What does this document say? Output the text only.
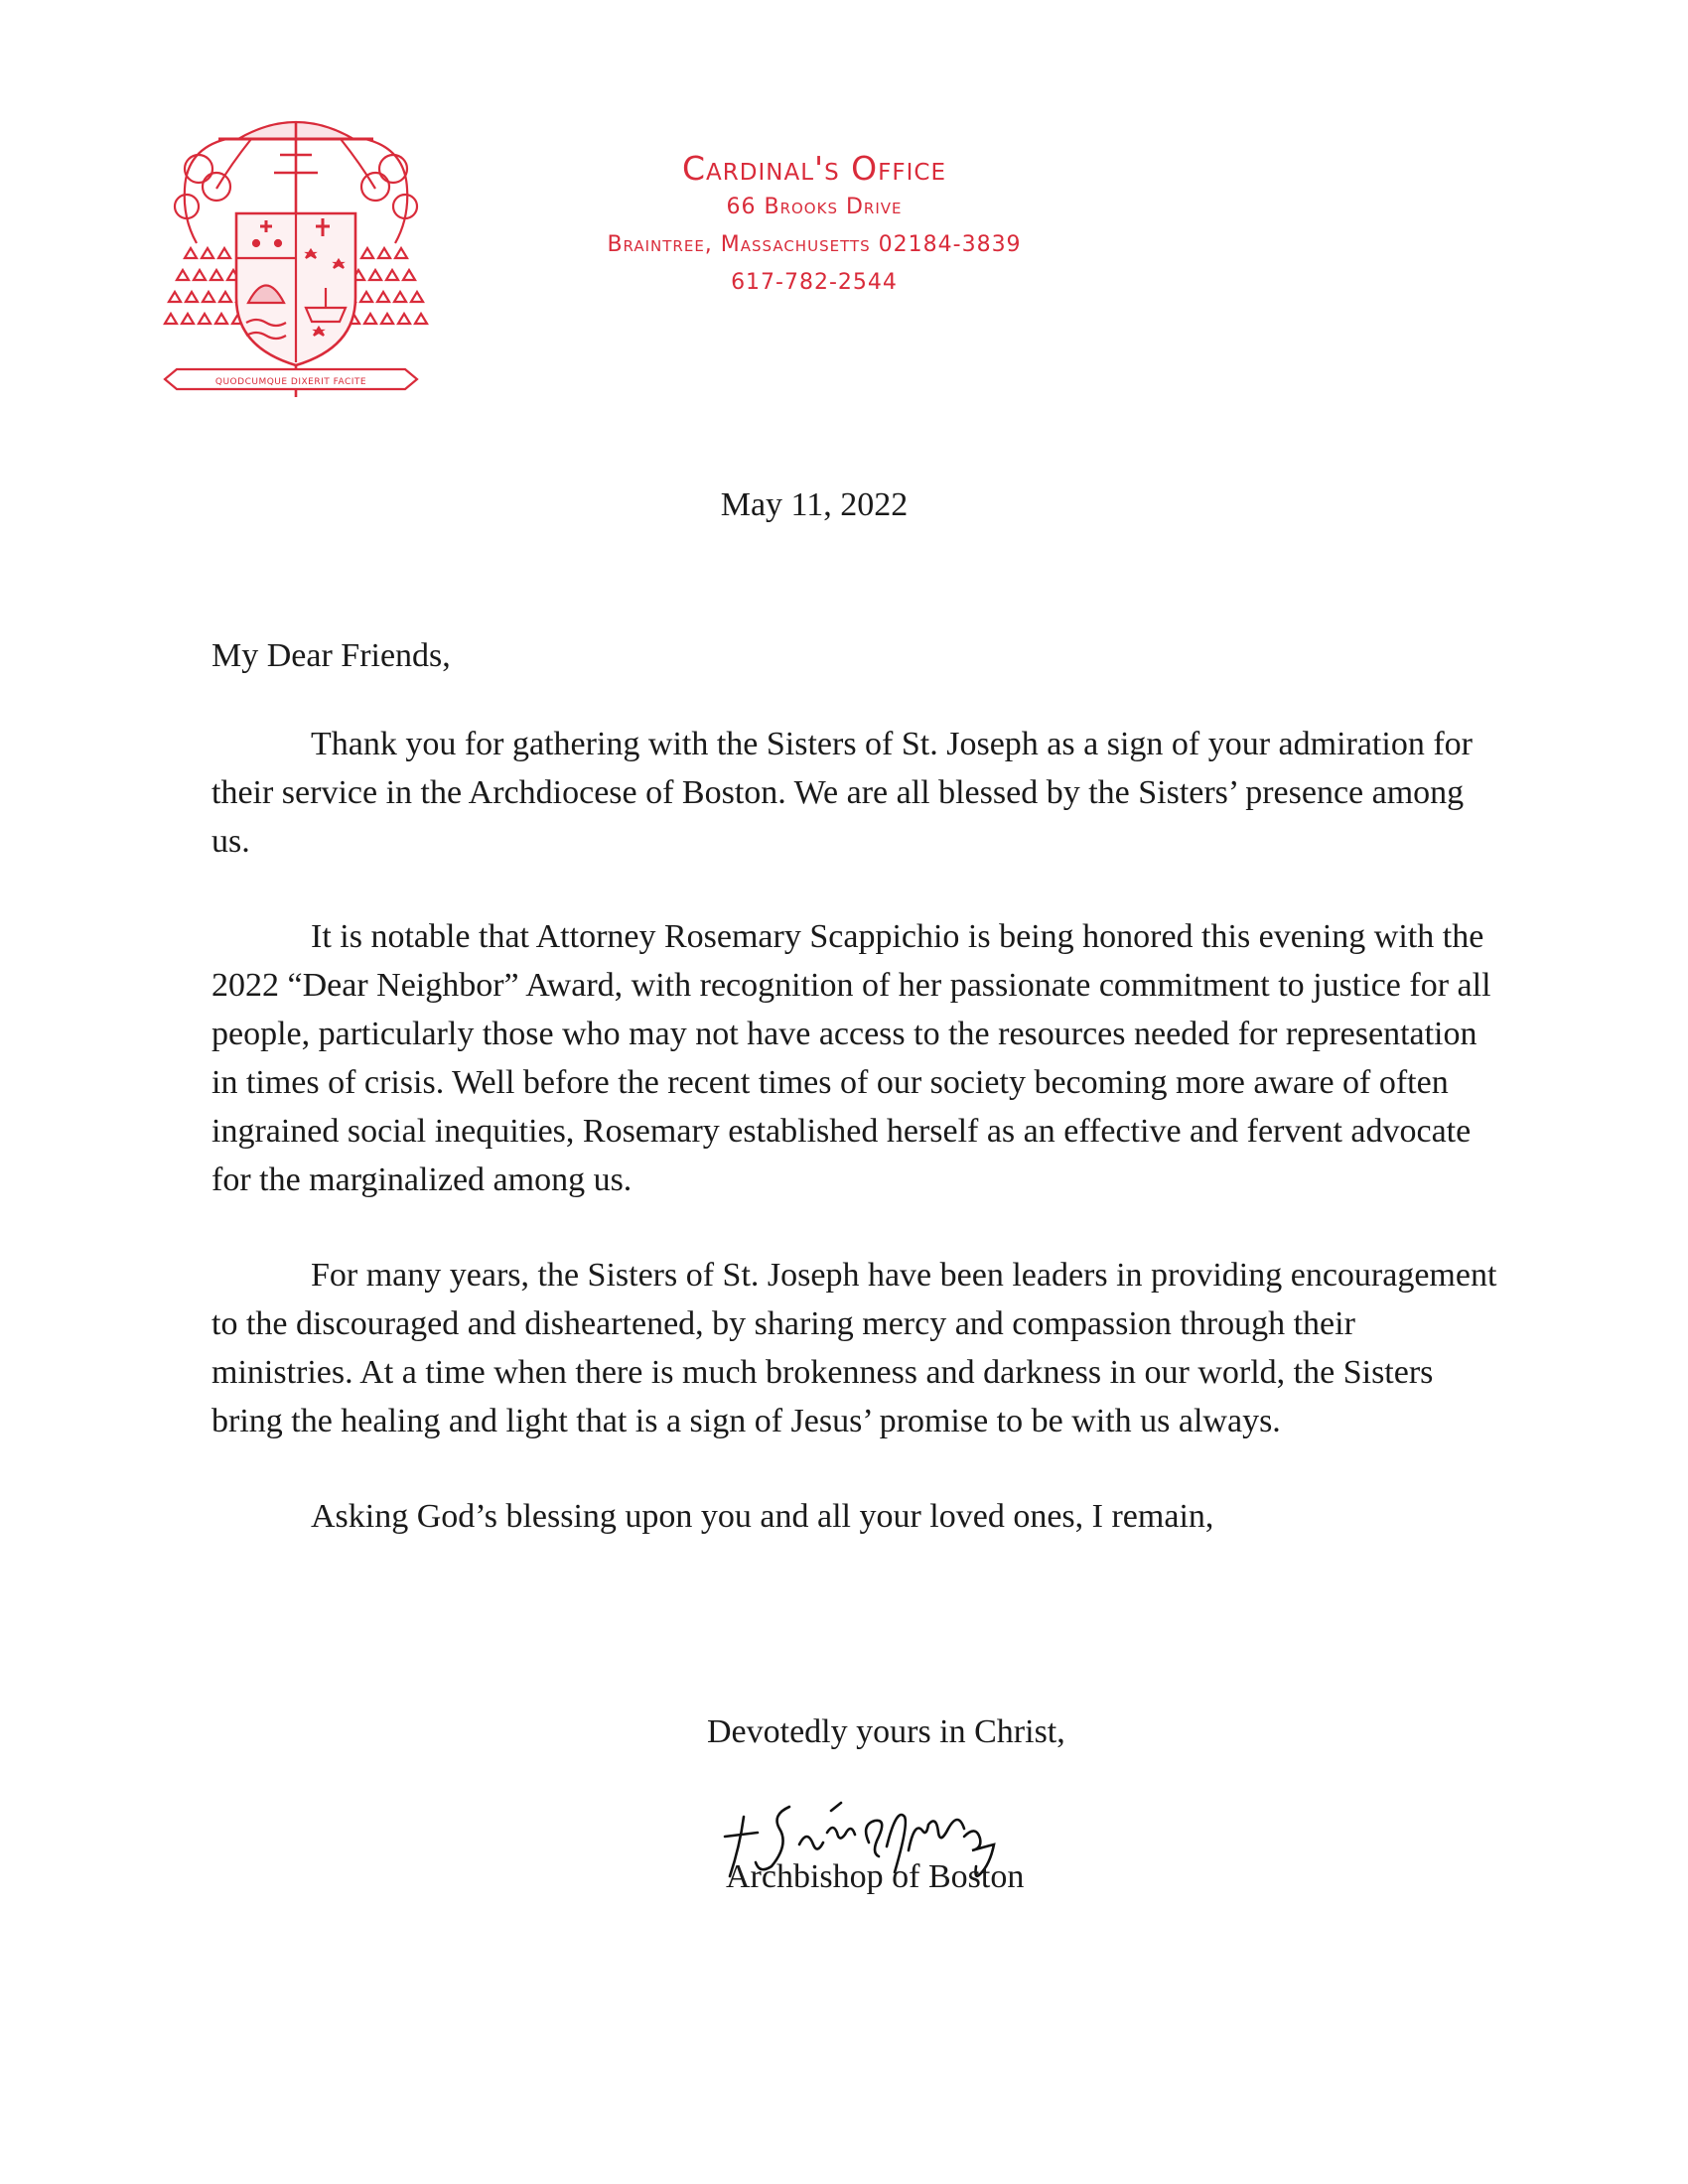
QUODCUMQUE DIXERIT FACITE
Cardinal's Office
66 Brooks Drive
Braintree, Massachusetts 02184-3839
617-782-2544
May 11, 2022

My Dear Friends,

Thank you for gathering with the Sisters of St. Joseph as a sign of your admiration for their service in the Archdiocese of Boston. We are all blessed by the Sisters’ presence among us.

It is notable that Attorney Rosemary Scappichio is being honored this evening with the 2022 “Dear Neighbor” Award, with recognition of her passionate commitment to justice for all people, particularly those who may not have access to the resources needed for representation in times of crisis. Well before the recent times of our society becoming more aware of often ingrained social inequities, Rosemary established herself as an effective and fervent advocate for the marginalized among us.

For many years, the Sisters of St. Joseph have been leaders in providing encouragement to the discouraged and disheartened, by sharing mercy and compassion through their ministries. At a time when there is much brokenness and darkness in our world, the Sisters bring the healing and light that is a sign of Jesus’ promise to be with us always.

Asking God’s blessing upon you and all your loved ones, I remain,

Devotedly yours in Christ,
Archbishop of Boston
